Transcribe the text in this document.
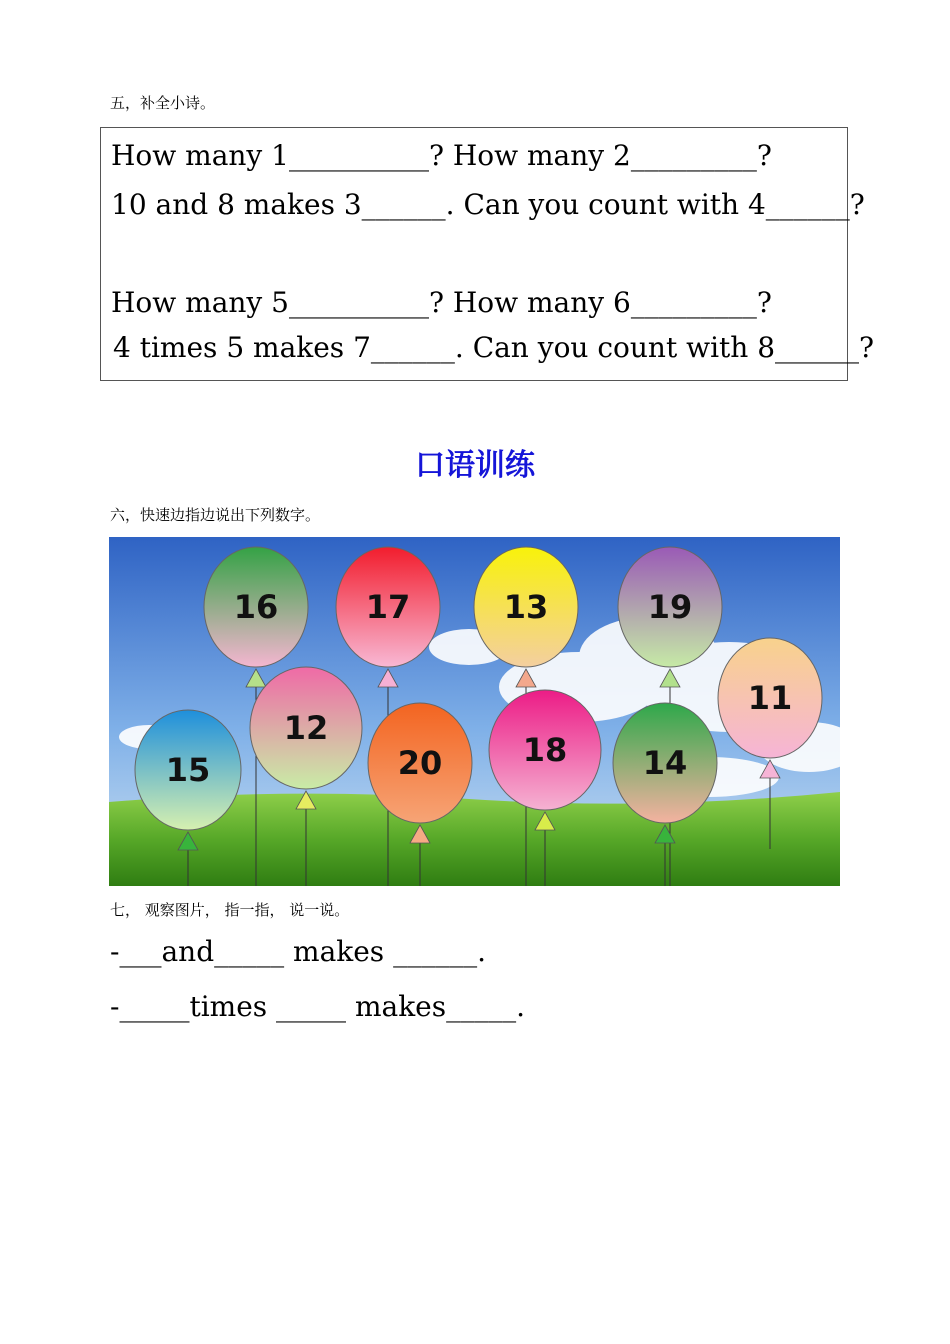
五，补全小诗。
How many 1__________? How many 2_________?
10 and 8 makes 3______. Can you count with 4______?
How many 5__________? How many 6_________?
4 times 5 makes 7______. Can you count with 8______?
口语训练
六，快速边指边说出下列数字。
16	17	13	19
11
12
15	20	18 14
七， 观察图片， 指一指， 说一说。
-___and_____ makes ______.
-_____times _____ makes_____.
